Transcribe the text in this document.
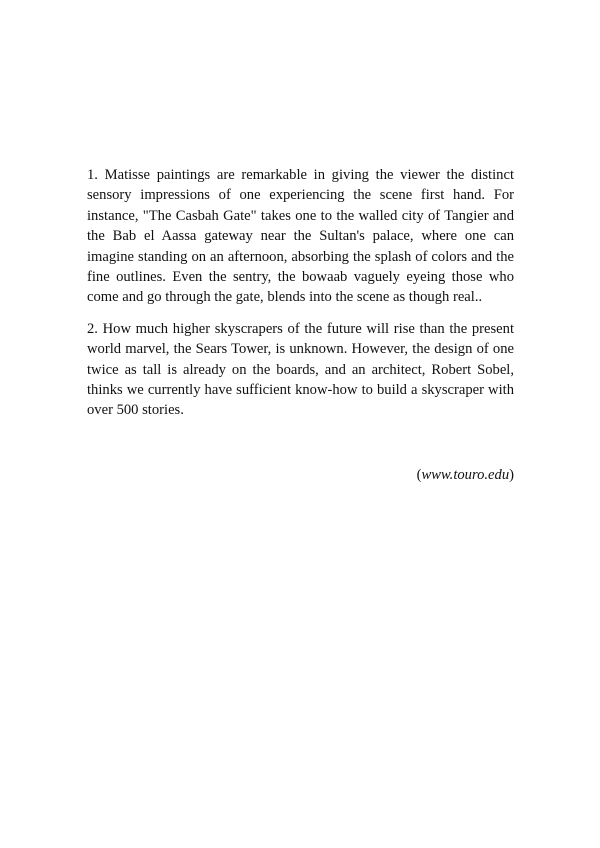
1. Matisse paintings are remarkable in giving the viewer the distinct sensory impressions of one experiencing the scene first hand. For instance, "The Casbah Gate" takes one to the walled city of Tangier and the Bab el Aassa gateway near the Sultan's palace, where one can imagine standing on an afternoon, absorbing the splash of colors and the fine outlines. Even the sentry, the bowaab vaguely eyeing those who come and go through the gate, blends into the scene as though real..

2. How much higher skyscrapers of the future will rise than the present world marvel, the Sears Tower, is unknown. However, the design of one twice as tall is already on the boards, and an architect, Robert Sobel, thinks we currently have sufficient know-how to build a skyscraper with over 500 stories.

(www.touro.edu)
